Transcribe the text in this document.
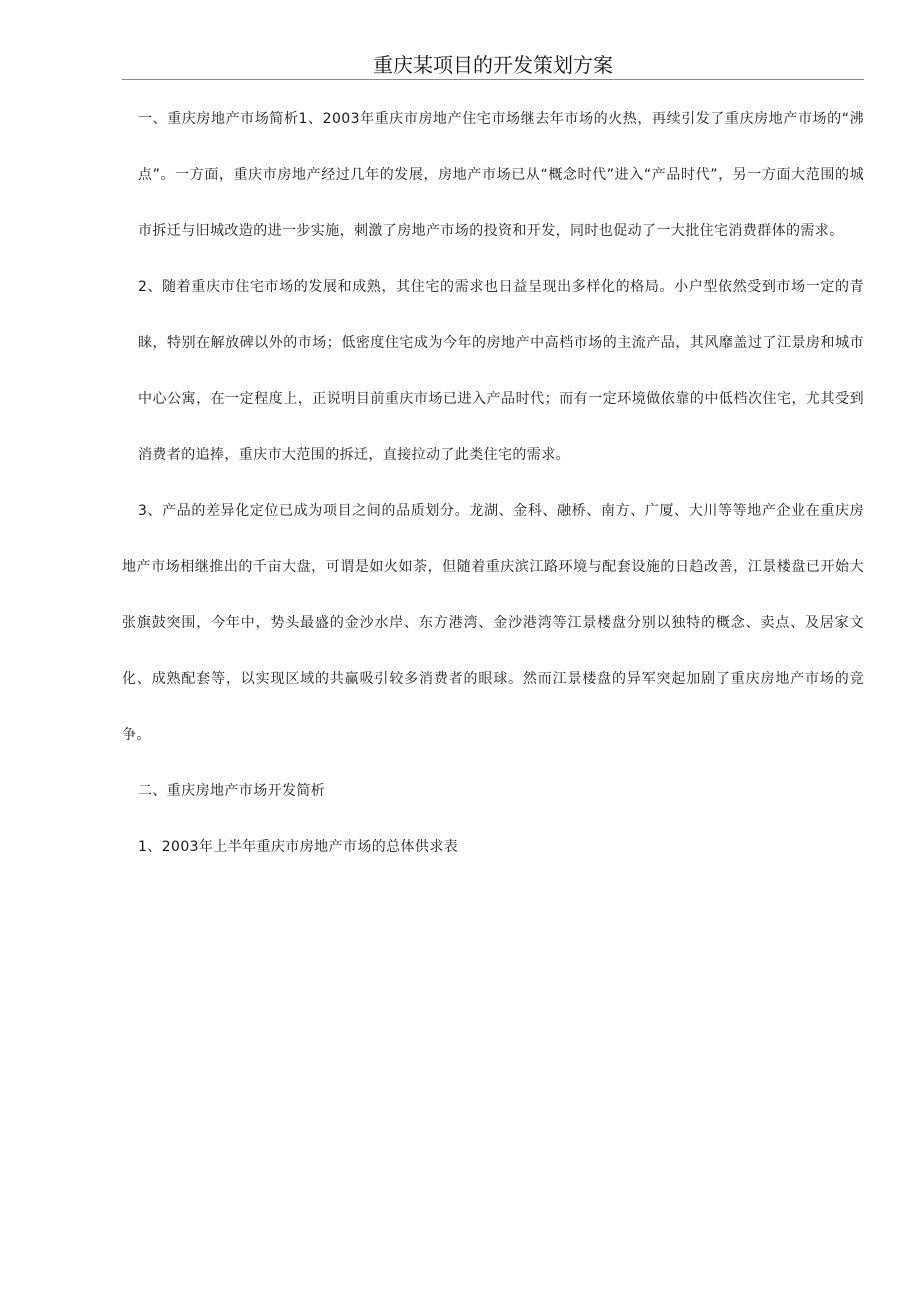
重庆某项目的开发策划方案

一、重庆房地产市场简析1、2003年重庆市房地产住宅市场继去年市场的火热，再续引发了重庆房地产市场的“沸点”。一方面，重庆市房地产经过几年的发展，房地产市场已从“概念时代”进入“产品时代”，另一方面大范围的城市拆迁与旧城改造的进一步实施，刺激了房地产市场的投资和开发，同时也促动了一大批住宅消费群体的需求。

2、随着重庆市住宅市场的发展和成熟，其住宅的需求也日益呈现出多样化的格局。小户型依然受到市场一定的青睐，特别在解放碑以外的市场；低密度住宅成为今年的房地产中高档市场的主流产品，其风靡盖过了江景房和城市中心公寓，在一定程度上，正说明目前重庆市场已进入产品时代；而有一定环境做依靠的中低档次住宅，尤其受到消费者的追捧，重庆市大范围的拆迁，直接拉动了此类住宅的需求。

3、产品的差异化定位已成为项目之间的品质划分。龙湖、金科、融桥、南方、广厦、大川等等地产企业在重庆房地产市场相继推出的千亩大盘，可谓是如火如荼，但随着重庆滨江路环境与配套设施的日趋改善，江景楼盘已开始大张旗鼓突围，今年中，势头最盛的金沙水岸、东方港湾、金沙港湾等江景楼盘分别以独特的概念、卖点、及居家文化、成熟配套等，以实现区域的共赢吸引较多消费者的眼球。然而江景楼盘的异军突起加剧了重庆房地产市场的竞争。

二、重庆房地产市场开发简析

1、2003年上半年重庆市房地产市场的总体供求表
